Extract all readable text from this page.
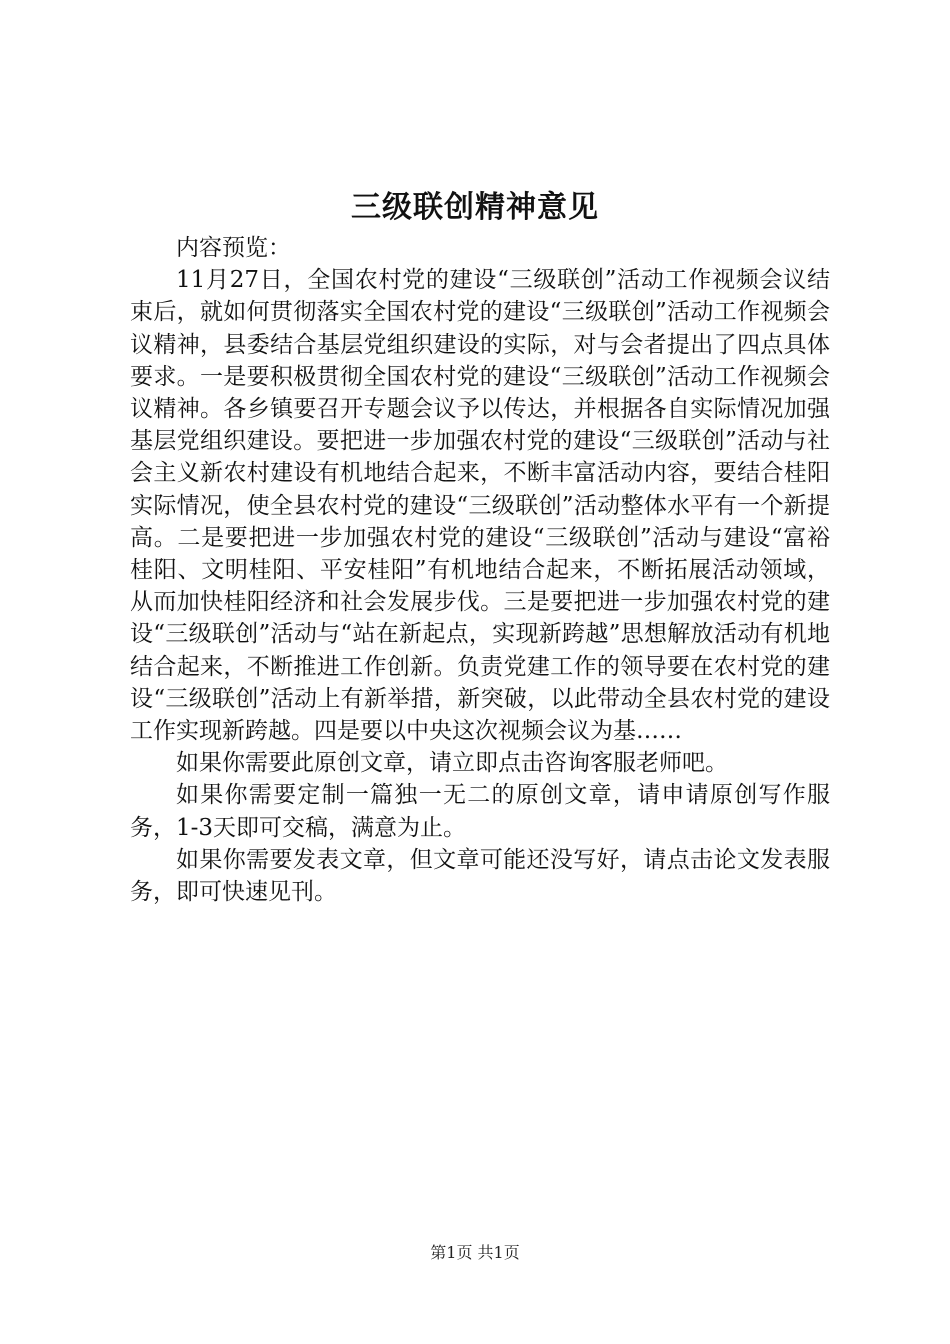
三级联创精神意见

内容预览：

11月27日，全国农村党的建设“三级联创”活动工作视频会议结束后，就如何贯彻落实全国农村党的建设“三级联创”活动工作视频会议精神，县委结合基层党组织建设的实际，对与会者提出了四点具体要求。一是要积极贯彻全国农村党的建设“三级联创”活动工作视频会议精神。各乡镇要召开专题会议予以传达，并根据各自实际情况加强基层党组织建设。要把进一步加强农村党的建设“三级联创”活动与社会主义新农村建设有机地结合起来，不断丰富活动内容，要结合桂阳实际情况，使全县农村党的建设“三级联创”活动整体水平有一个新提高。二是要把进一步加强农村党的建设“三级联创”活动与建设“富裕桂阳、文明桂阳、平安桂阳”有机地结合起来，不断拓展活动领域，从而加快桂阳经济和社会发展步伐。三是要把进一步加强农村党的建设“三级联创”活动与“站在新起点，实现新跨越”思想解放活动有机地结合起来，不断推进工作创新。负责党建工作的领导要在农村党的建设“三级联创”活动上有新举措，新突破，以此带动全县农村党的建设工作实现新跨越。四是要以中央这次视频会议为基……

如果你需要此原创文章，请立即点击咨询客服老师吧。

如果你需要定制一篇独一无二的原创文章，请申请原创写作服务，1-3天即可交稿，满意为止。

如果你需要发表文章，但文章可能还没写好，请点击论文发表服务，即可快速见刊。

第1页 共1页
